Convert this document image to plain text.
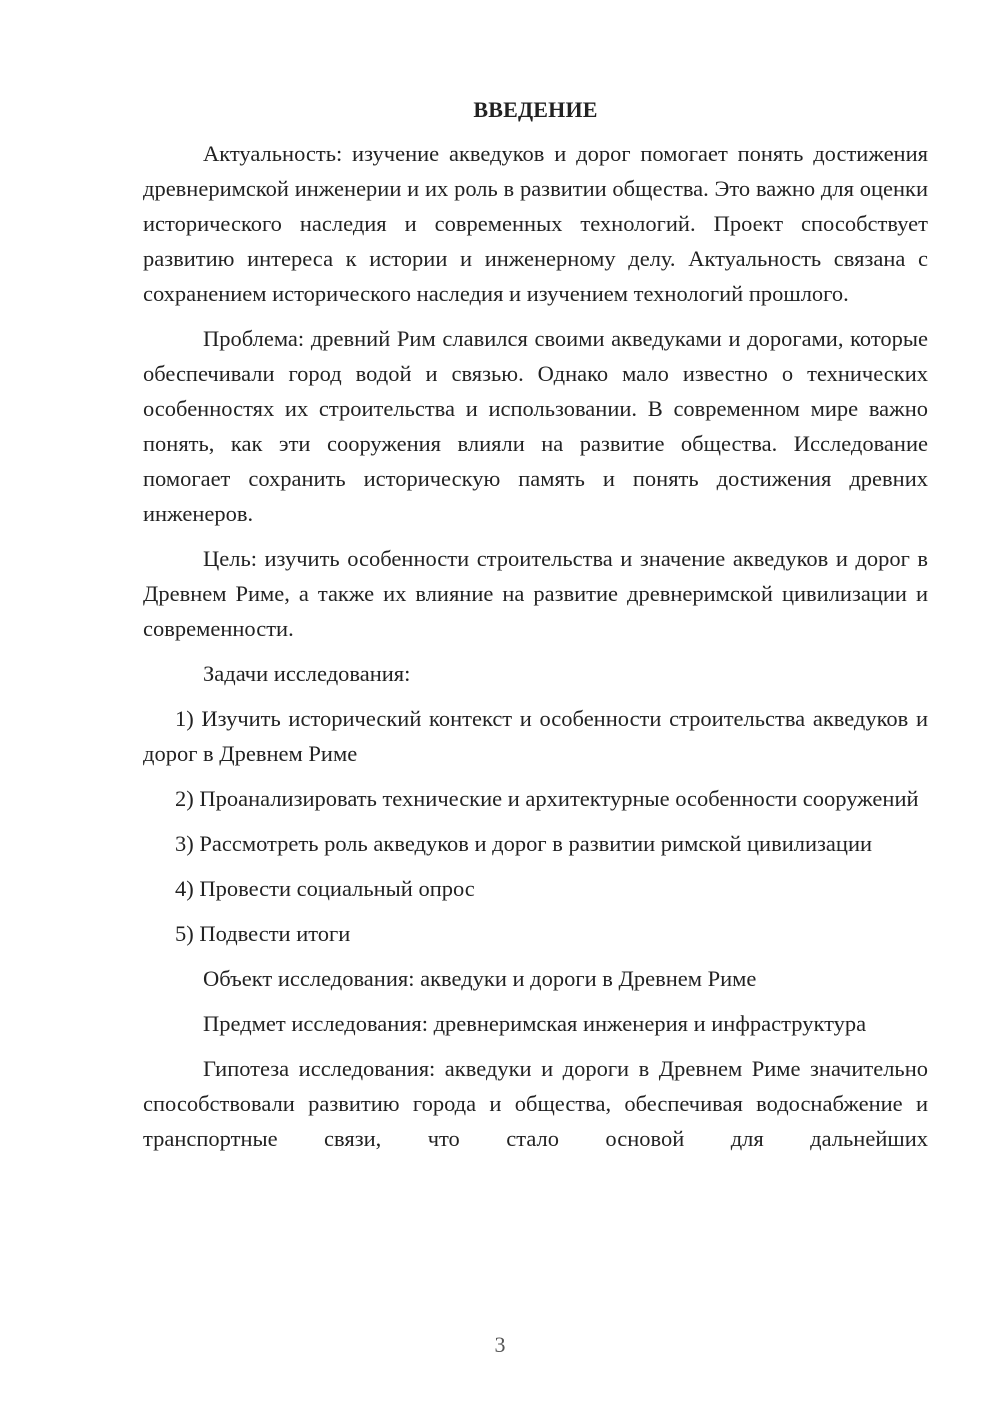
ВВЕДЕНИЕ

Актуальность: изучение акведуков и дорог помогает понять достижения древнеримской инженерии и их роль в развитии общества. Это важно для оценки исторического наследия и современных технологий. Проект способствует развитию интереса к истории и инженерному делу. Актуальность связана с сохранением исторического наследия и изучением технологий прошлого.

Проблема: древний Рим славился своими акведуками и дорогами, которые обеспечивали город водой и связью. Однако мало известно о технических особенностях их строительства и использовании. В современном мире важно понять, как эти сооружения влияли на развитие общества. Исследование помогает сохранить историческую память и понять достижения древних инженеров.

Цель: изучить особенности строительства и значение акведуков и дорог в Древнем Риме, а также их влияние на развитие древнеримской цивилизации и современности.

Задачи исследования:

1) Изучить исторический контекст и особенности строительства акведуков и дорог в Древнем Риме

2) Проанализировать технические и архитектурные особенности сооружений

3) Рассмотреть роль акведуков и дорог в развитии римской цивилизации

4) Провести социальный опрос

5) Подвести итоги

Объект исследования: акведуки и дороги в Древнем Риме

Предмет исследования: древнеримская инженерия и инфраструктура

Гипотеза исследования: акведуки и дороги в Древнем Риме значительно способствовали развитию города и общества, обеспечивая водоснабжение и транспортные связи, что стало основой для дальнейших

3
